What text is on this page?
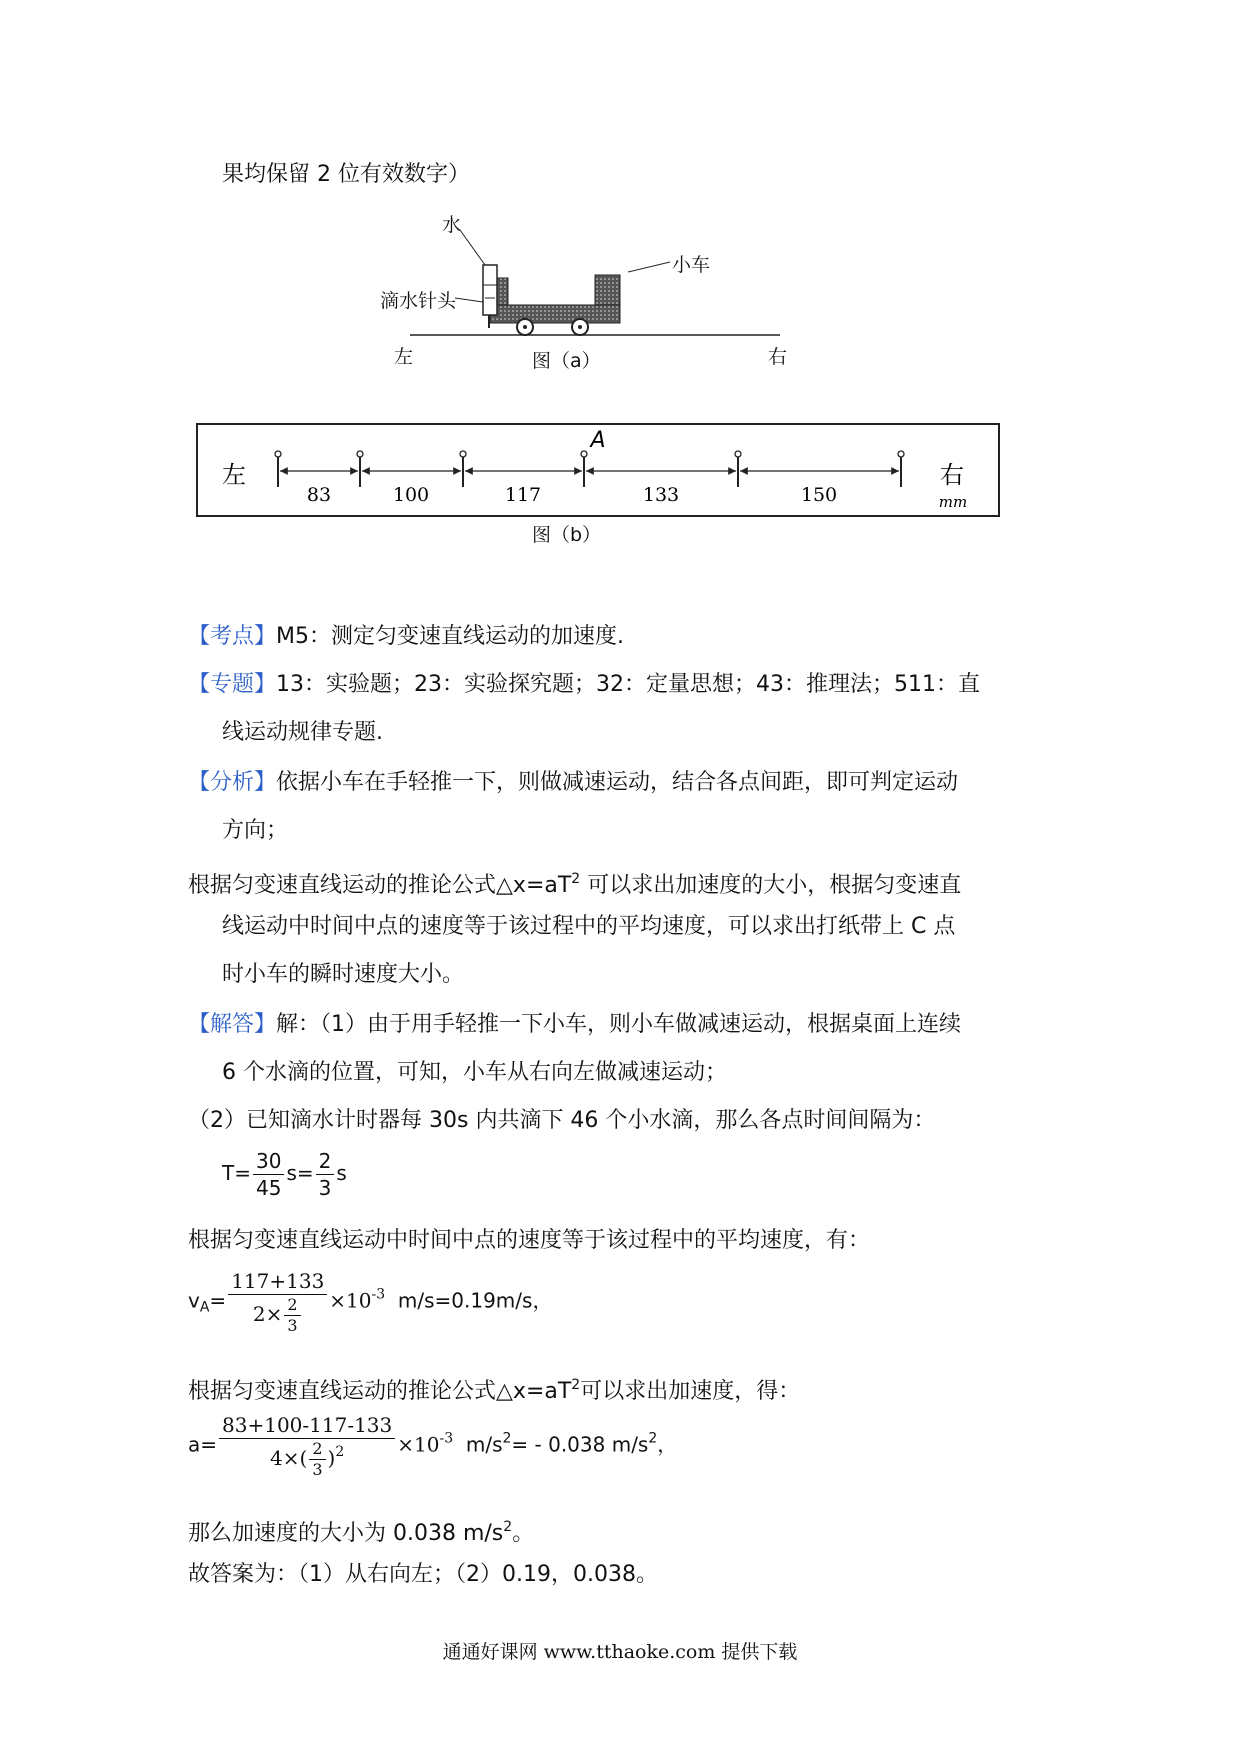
果均保留 2 位有效数字）
水
小车
滴水针头
左	右
图（a）
83	100	117	133	150
A
左	右
mm
图（b）
【考点】M5：测定匀变速直线运动的加速度.
【专题】13：实验题；23：实验探究题；32：定量思想；43：推理法；511：直
线运动规律专题.
【分析】依据小车在手轻推一下，则做减速运动，结合各点间距，即可判定运动
方向；
根据匀变速直线运动的推论公式$\triangle x=aT^2$ 可以求出加速度的大小，根据匀变速直
线运动中时间中点的速度等于该过程中的平均速度，可以求出打纸带上 C 点
时小车的瞬时速度大小。
【解答】解：（1）由于用手轻推一下小车，则小车做减速运动，根据桌面上连续
6 个水滴的位置，可知，小车从右向左做减速运动；
（2）已知滴水计时器每 30s 内共滴下 46 个小水滴，那么各点时间间隔为：
$T= \frac{30}{45} s= \frac{2}{3}$ s
根据匀变速直线运动中时间中点的速度等于该过程中的平均速度，有：
$v_A= \frac{117+133}{2\times \frac{2}{3}} \times 10^{-3}$ m/s=0.19m/s，
根据匀变速直线运动的推论公式$\triangle x=aT^2$可以求出加速度，得：
$a= \frac{83+100-117-133}{4\times( \frac{2}{3} )^2} \times 10^{-3}$ $m/s^2= - 0.038$ $m/s^2$，
那么加速度的大小为 0.038 $m/s^2$。
故答案为：（1）从右向左；（2）0.19，0.038。
通通好课网 www.tthaoke.com 提供下载
